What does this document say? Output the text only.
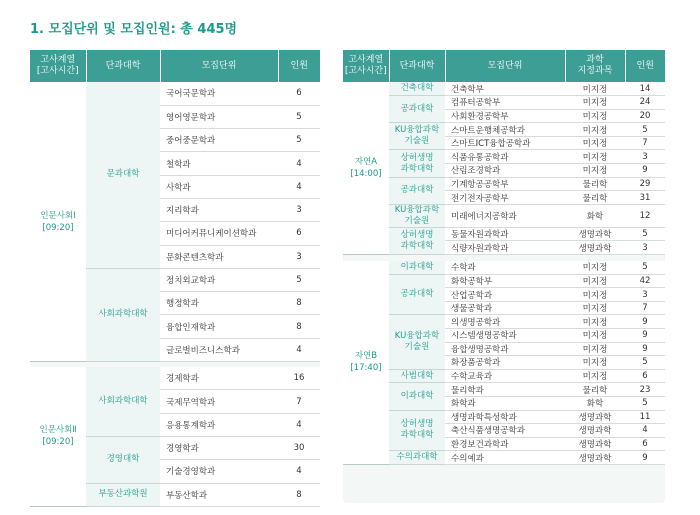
1. 모집단위 및 모집인원: 총 445명
고사계열
[고사시간]	단과대학	모집단위	인원
인문사회Ⅰ
[09:20]	문과대학	국어국문학과	6
		영어영문학과	5
		중어중문학과	5
		철학과	4
		사학과	4
		지리학과	3
		미디어커뮤니케이션학과	6
		문화콘텐츠학과	3
	사회과학대학	정치외교학과	5
		행정학과	8
		융합인재학과	8
		글로벌비즈니스학과	4

인문사회Ⅱ
[09:20]	사회과학대학	경제학과	16
		국제무역학과	7
		응용통계학과	4
	경영대학	경영학과	30
		기술경영학과	4
	부동산과학원	부동산학과	8
고사계열
[고사시간]	단과대학	모집단위	과학
지정과목	인원
자연A
[14:00]	건축대학	건축학부	미지정	14
	공과대학	컴퓨터공학부	미지정	24
		사회환경공학부	미지정	20
	KU융합과학
기술원	스마트운행체공학과	미지정	5
		스마트ICT융합공학과	미지정	7
	상허생명
과학대학	식품유통공학과	미지정	3
		산림조경학과	미지정	9
	공과대학	기계항공공학부	물리학	29
		전기전자공학부	물리학	31
	KU융합과학
기술원	미래에너지공학과	화학	12
	상허생명
과학대학	동물자원과학과	생명과학	5
		식량자원과학과	생명과학	3

자연B
[17:40]	이과대학	수학과	미지정	5
	공과대학	화학공학부	미지정	42
		산업공학과	미지정	3
		생물공학과	미지정	7
	KU융합과학
기술원	의생명공학과	미지정	9
		시스템생명공학과	미지정	9
		융합생명공학과	미지정	9
		화장품공학과	미지정	5
	사범대학	수학교육과	미지정	6
	이과대학	물리학과	물리학	23
		화학과	화학	5
	상허생명
과학대학	생명과학특성학과	생명과학	11
		축산식품생명공학과	생명과학	4
		환경보건과학과	생명과학	6
	수의과대학	수의예과	생명과학	9
